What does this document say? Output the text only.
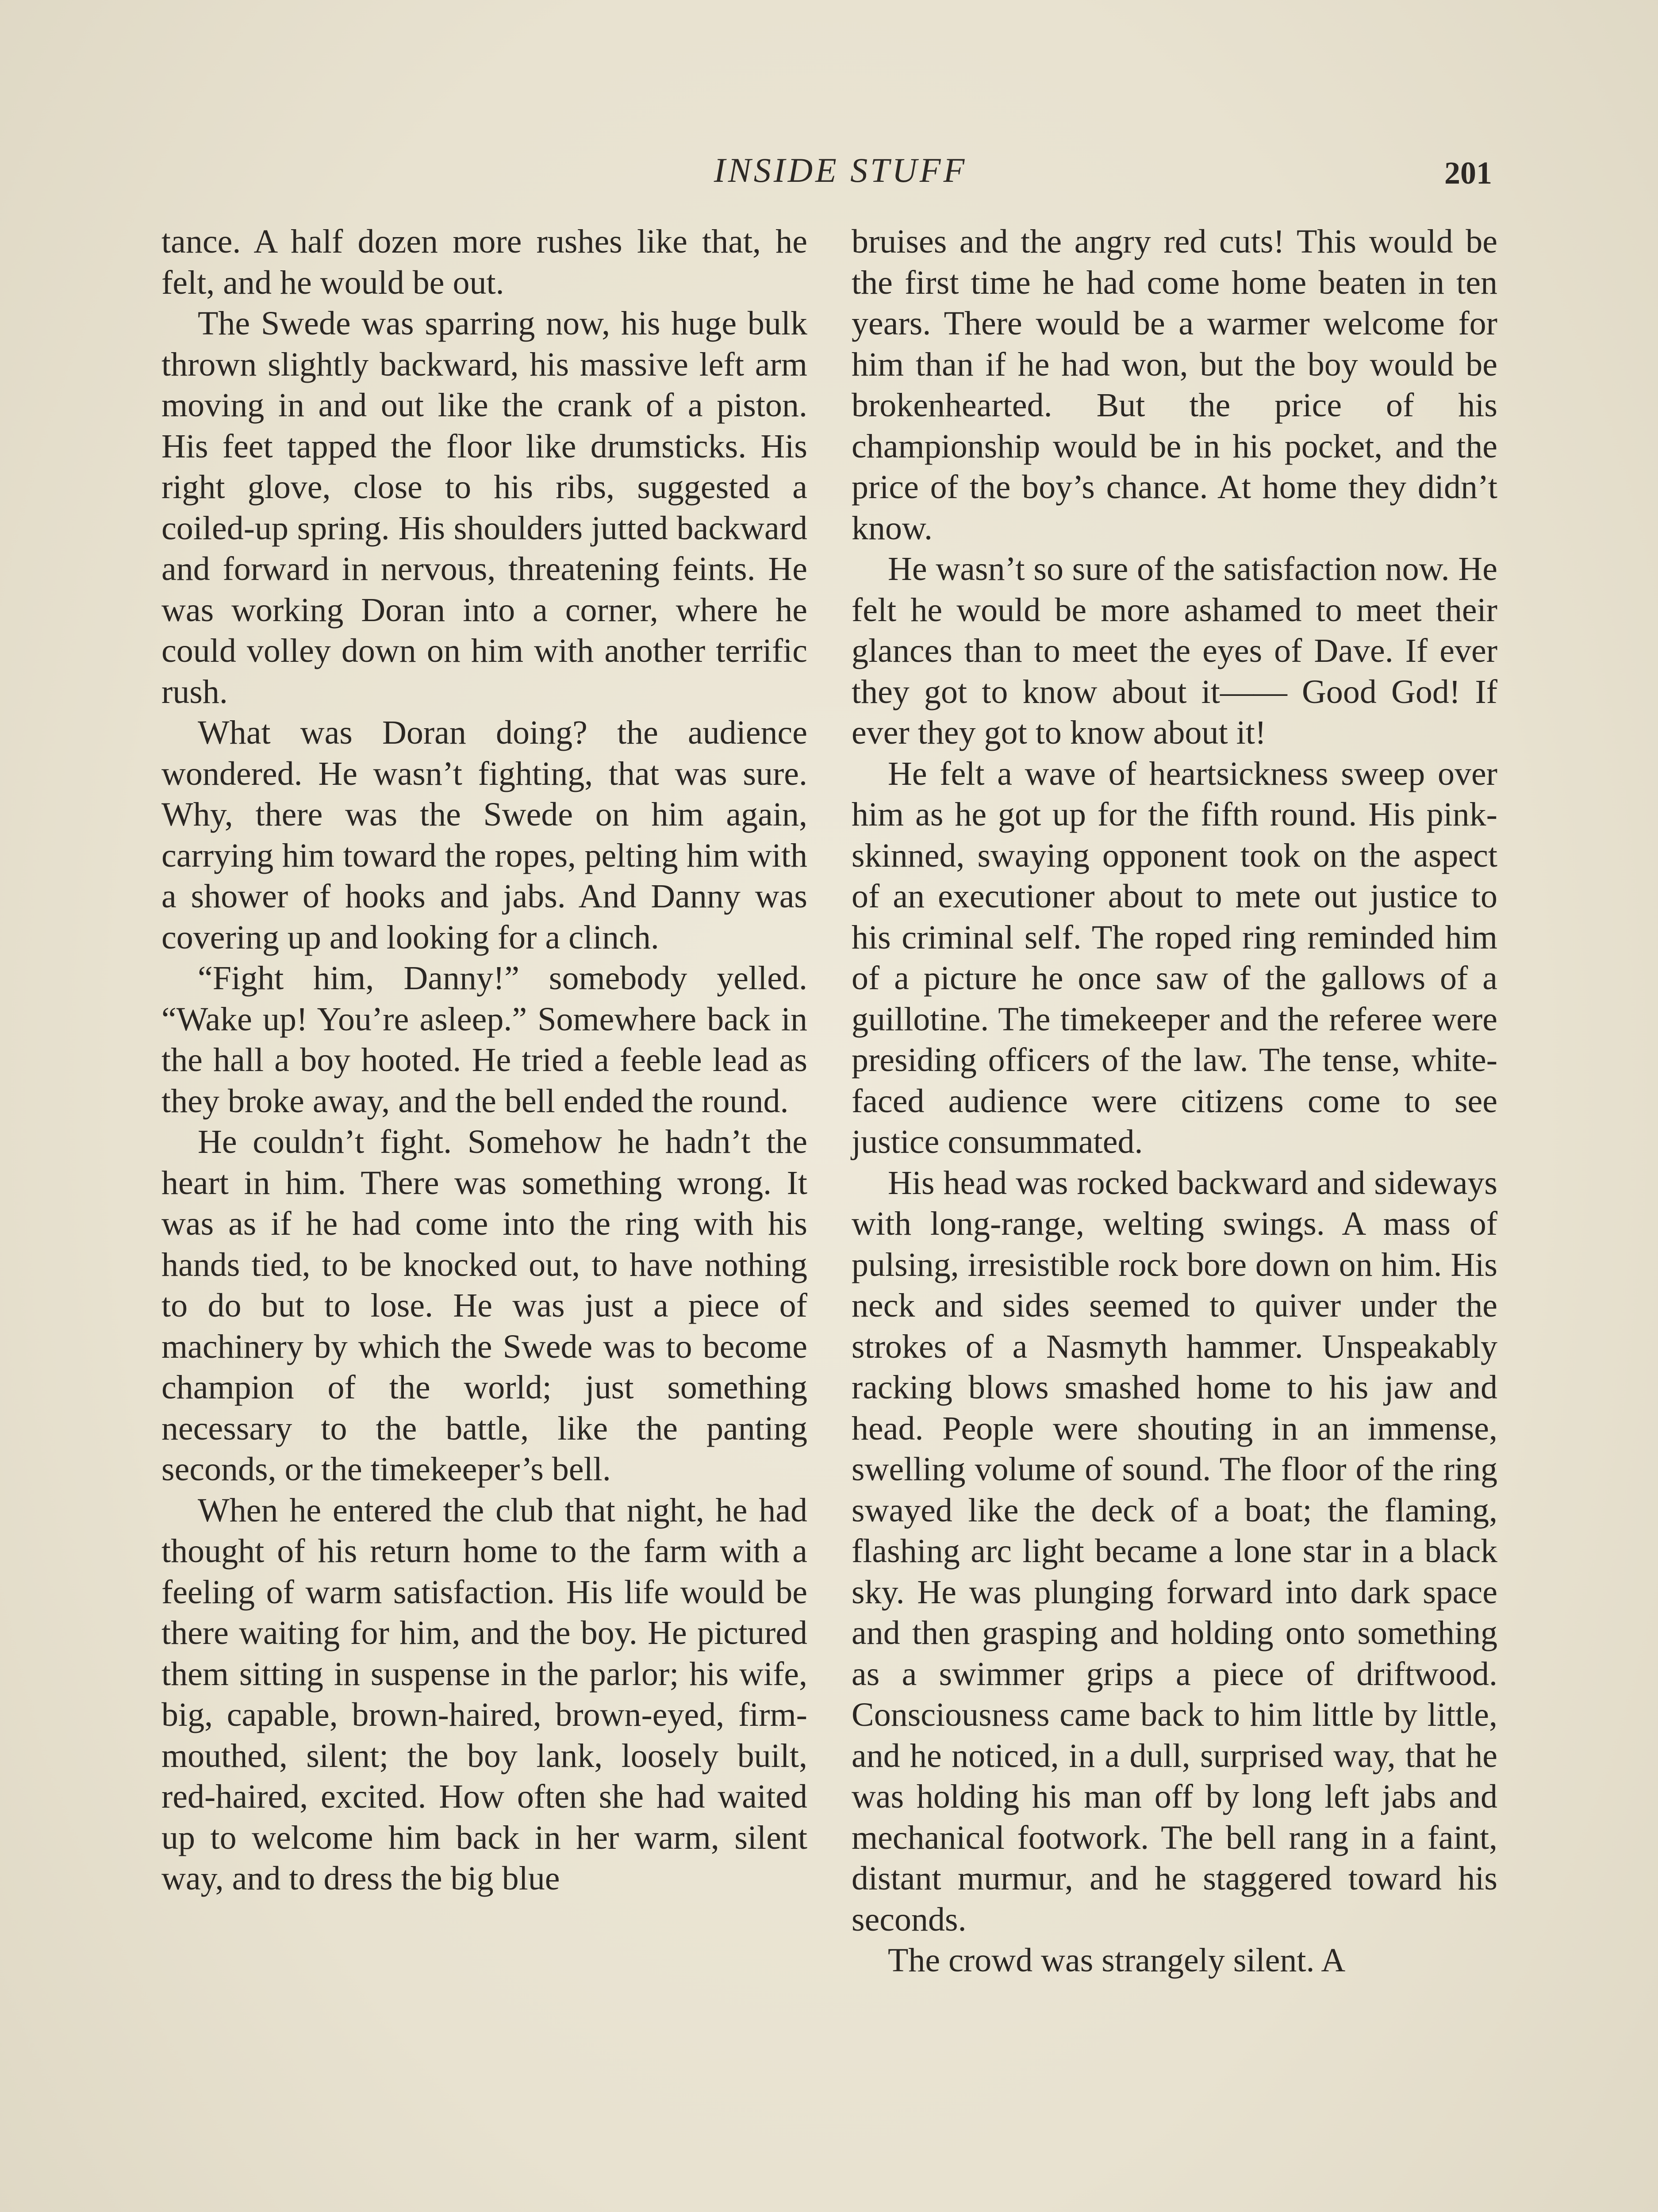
INSIDE STUFF	201

tance. A half dozen more rushes like that, he felt, and he would be out.

The Swede was sparring now, his huge bulk thrown slightly backward, his massive left arm moving in and out like the crank of a piston. His feet tapped the floor like drumsticks. His right glove, close to his ribs, suggested a coiled-up spring. His shoulders jutted backward and forward in nervous, threatening feints. He was working Doran into a corner, where he could volley down on him with another terrific rush.

What was Doran doing? the audience wondered. He wasn’t fighting, that was sure. Why, there was the Swede on him again, carrying him toward the ropes, pelting him with a shower of hooks and jabs. And Danny was covering up and looking for a clinch.

“Fight him, Danny!” somebody yelled. “Wake up! You’re asleep.” Somewhere back in the hall a boy hooted. He tried a feeble lead as they broke away, and the bell ended the round.

He couldn’t fight. Somehow he hadn’t the heart in him. There was something wrong. It was as if he had come into the ring with his hands tied, to be knocked out, to have nothing to do but to lose. He was just a piece of machinery by which the Swede was to become champion of the world; just something necessary to the battle, like the panting seconds, or the timekeeper’s bell.

When he entered the club that night, he had thought of his return home to the farm with a feeling of warm satisfaction. His life would be there waiting for him, and the boy. He pictured them sitting in suspense in the parlor; his wife, big, capable, brown-haired, brown-eyed, firm-mouthed, silent; the boy lank, loosely built, red-haired, excited. How often she had waited up to welcome him back in her warm, silent way, and to dress the big blue

bruises and the angry red cuts! This would be the first time he had come home beaten in ten years. There would be a warmer welcome for him than if he had won, but the boy would be brokenhearted. But the price of his championship would be in his pocket, and the price of the boy’s chance. At home they didn’t know.

He wasn’t so sure of the satisfaction now. He felt he would be more ashamed to meet their glances than to meet the eyes of Dave. If ever they got to know about it—— Good God! If ever they got to know about it!

He felt a wave of heartsickness sweep over him as he got up for the fifth round. His pink-skinned, swaying opponent took on the aspect of an executioner about to mete out justice to his criminal self. The roped ring reminded him of a picture he once saw of the gallows of a guillotine. The timekeeper and the referee were presiding officers of the law. The tense, white-faced audience were citizens come to see justice consummated.

His head was rocked backward and sideways with long-range, welting swings. A mass of pulsing, irresistible rock bore down on him. His neck and sides seemed to quiver under the strokes of a Nasmyth hammer. Unspeakably racking blows smashed home to his jaw and head. People were shouting in an immense, swelling volume of sound. The floor of the ring swayed like the deck of a boat; the flaming, flashing arc light became a lone star in a black sky. He was plunging forward into dark space and then grasping and holding onto something as a swimmer grips a piece of driftwood. Consciousness came back to him little by little, and he noticed, in a dull, surprised way, that he was holding his man off by long left jabs and mechanical footwork. The bell rang in a faint, distant murmur, and he staggered toward his seconds.

The crowd was strangely silent. A
